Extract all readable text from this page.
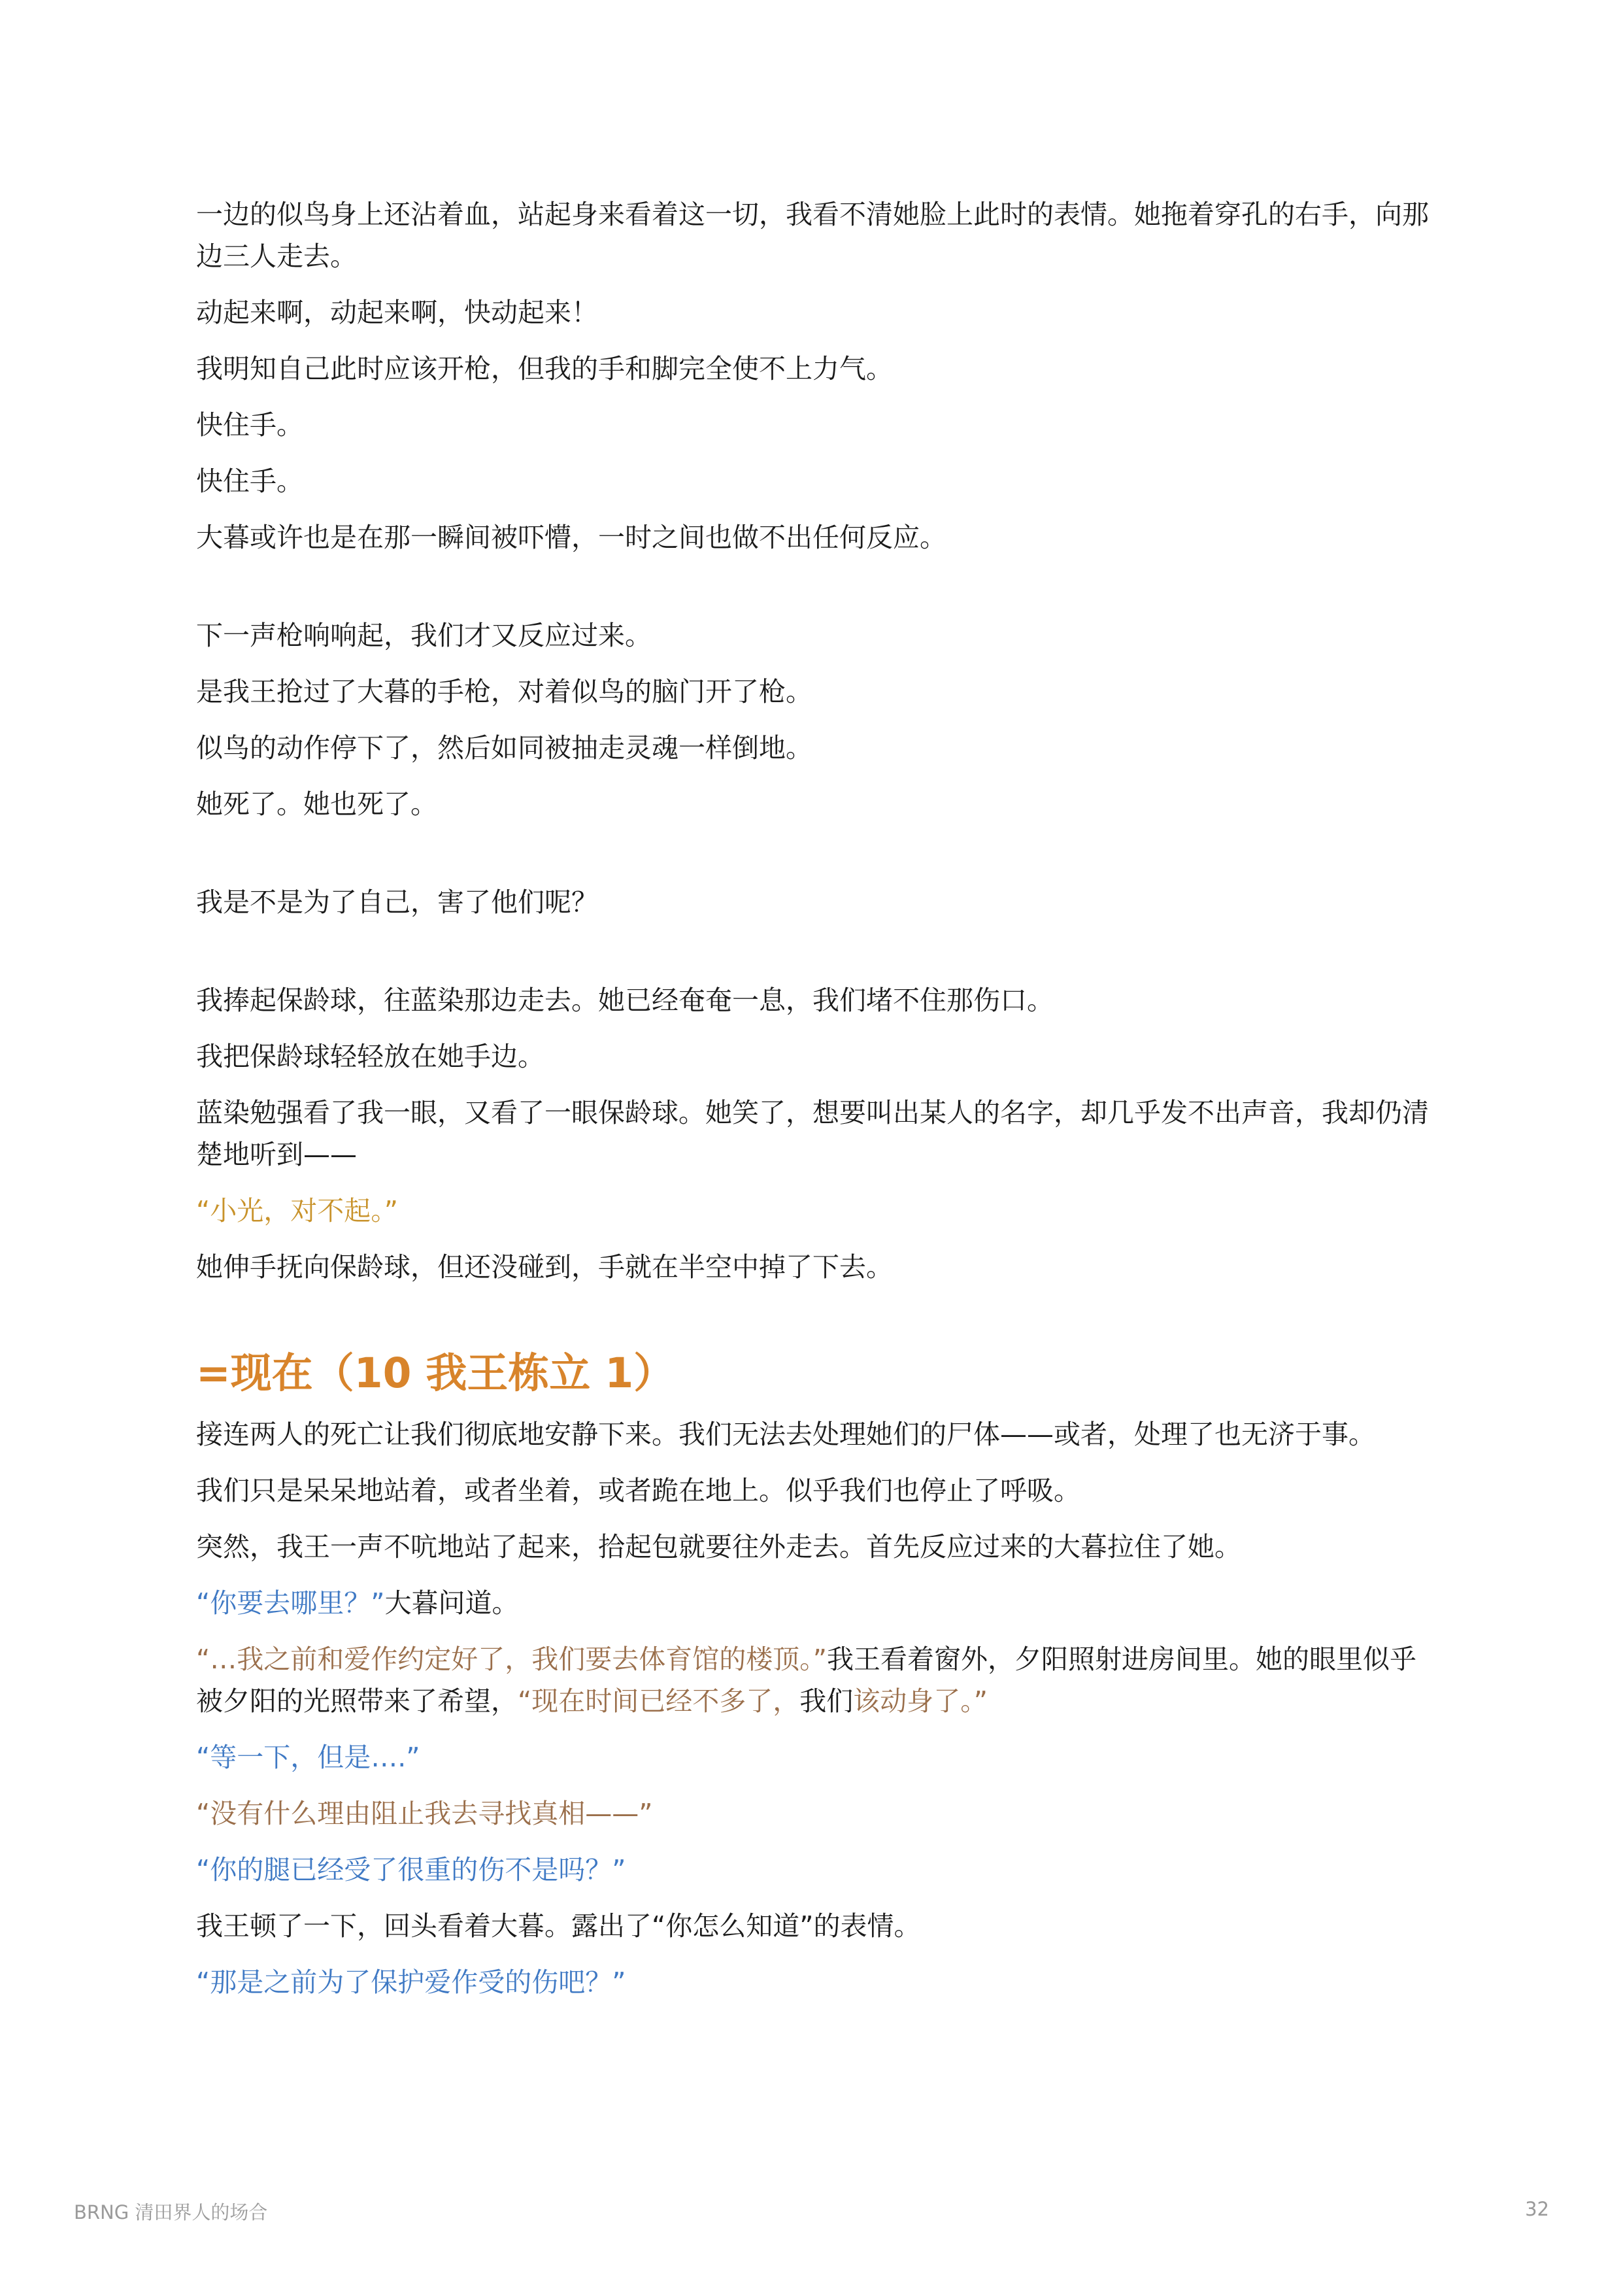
一边的似鸟身上还沾着血，站起身来看着这一切，我看不清她脸上此时的表情。她拖着穿孔的右手，向那边三人走去。

动起来啊，动起来啊，快动起来！

我明知自己此时应该开枪，但我的手和脚完全使不上力气。

快住手。

快住手。

大暮或许也是在那一瞬间被吓懵，一时之间也做不出任何反应。

下一声枪响响起，我们才又反应过来。

是我王抢过了大暮的手枪，对着似鸟的脑门开了枪。

似鸟的动作停下了，然后如同被抽走灵魂一样倒地。

她死了。她也死了。

我是不是为了自己，害了他们呢？

我捧起保龄球，往蓝染那边走去。她已经奄奄一息，我们堵不住那伤口。

我把保龄球轻轻放在她手边。

蓝染勉强看了我一眼，又看了一眼保龄球。她笑了，想要叫出某人的名字，却几乎发不出声音，我却仍清楚地听到——

“小光，对不起。”

她伸手抚向保龄球，但还没碰到，手就在半空中掉了下去。

=现在（10 我王栋立 1）

接连两人的死亡让我们彻底地安静下来。我们无法去处理她们的尸体——或者，处理了也无济于事。

我们只是呆呆地站着，或者坐着，或者跪在地上。似乎我们也停止了呼吸。

突然，我王一声不吭地站了起来，拾起包就要往外走去。首先反应过来的大暮拉住了她。

“你要去哪里？”大暮问道。

“…我之前和爱作约定好了，我们要去体育馆的楼顶。”我王看着窗外，夕阳照射进房间里。她的眼里似乎被夕阳的光照带来了希望，“现在时间已经不多了，我们该动身了。”

“等一下，但是….”

“没有什么理由阻止我去寻找真相——”

“你的腿已经受了很重的伤不是吗？”

我王顿了一下，回头看着大暮。露出了“你怎么知道”的表情。

“那是之前为了保护爱作受的伤吧？”

BRNG 清田界人的场合	32
